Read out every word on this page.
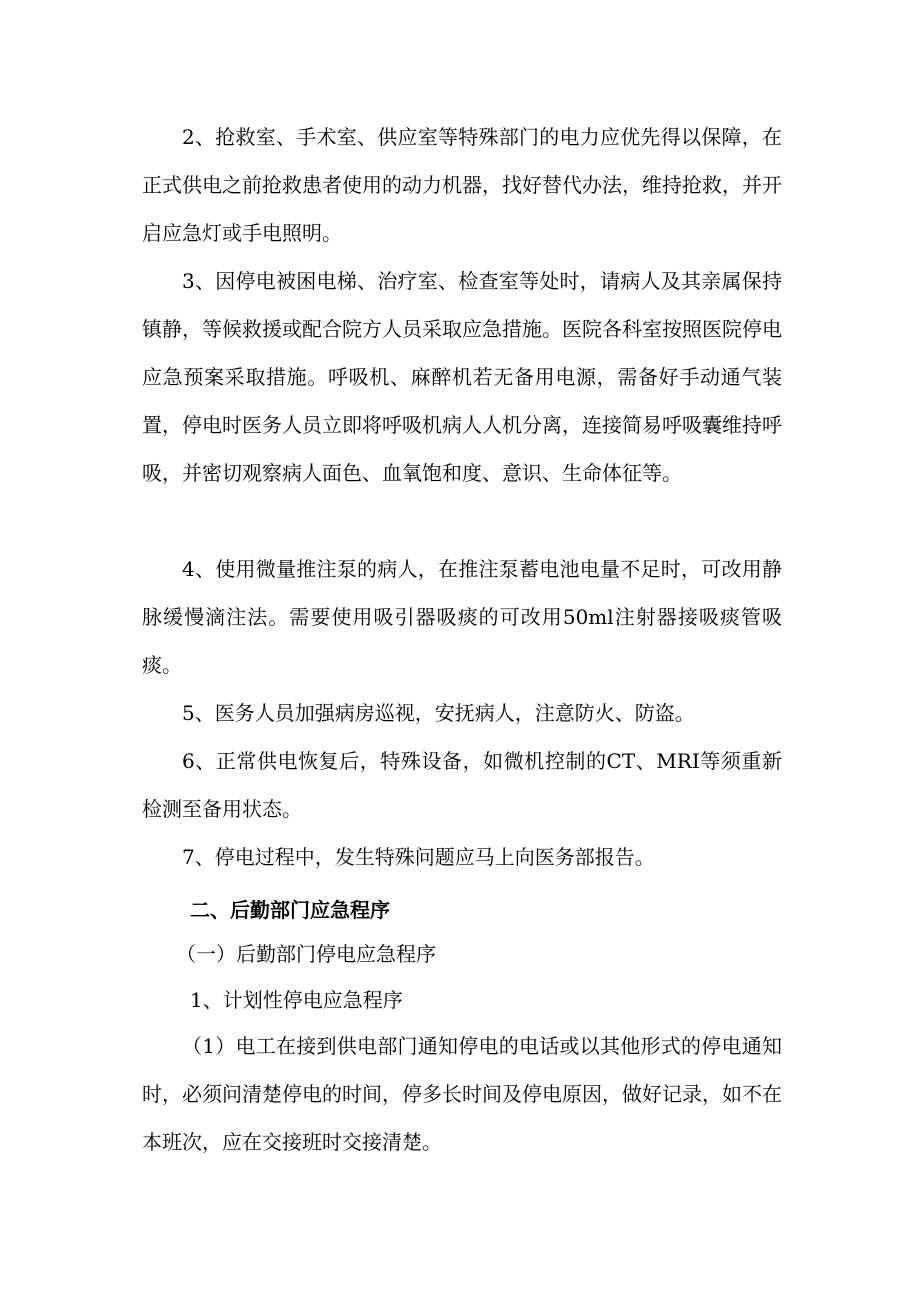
2、抢救室、手术室、供应室等特殊部门的电力应优先得以保障，在正式供电之前抢救患者使用的动力机器，找好替代办法，维持抢救，并开启应急灯或手电照明。

3、因停电被困电梯、治疗室、检查室等处时，请病人及其亲属保持镇静，等候救援或配合院方人员采取应急措施。医院各科室按照医院停电应急预案采取措施。呼吸机、麻醉机若无备用电源，需备好手动通气装置，停电时医务人员立即将呼吸机病人人机分离，连接简易呼吸囊维持呼吸，并密切观察病人面色、血氧饱和度、意识、生命体征等。

4、使用微量推注泵的病人，在推注泵蓄电池电量不足时，可改用静脉缓慢滴注法。需要使用吸引器吸痰的可改用50ml注射器接吸痰管吸痰。

5、医务人员加强病房巡视，安抚病人，注意防火、防盗。

6、正常供电恢复后，特殊设备，如微机控制的CT、MRI等须重新检测至备用状态。

7、停电过程中，发生特殊问题应马上向医务部报告。

二、后勤部门应急程序

（一）后勤部门停电应急程序

1、计划性停电应急程序

（1）电工在接到供电部门通知停电的电话或以其他形式的停电通知时，必须问清楚停电的时间，停多长时间及停电原因，做好记录，如不在本班次，应在交接班时交接清楚。
